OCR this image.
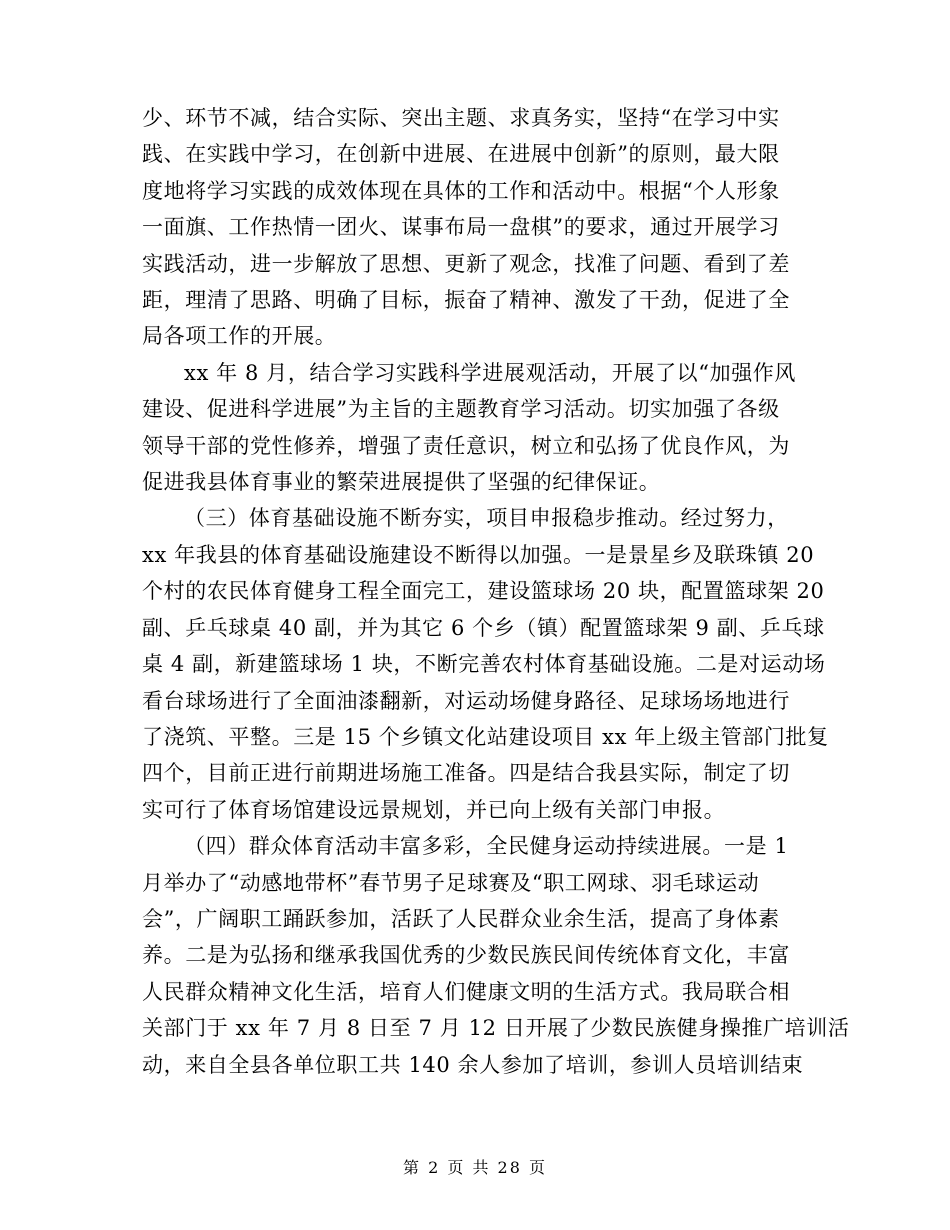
少、环节不减，结合实际、突出主题、求真务实，坚持“在学习中实
践、在实践中学习，在创新中进展、在进展中创新”的原则，最大限
度地将学习实践的成效体现在具体的工作和活动中。根据“个人形象
一面旗、工作热情一团火、谋事布局一盘棋”的要求，通过开展学习
实践活动，进一步解放了思想、更新了观念，找准了问题、看到了差
距，理清了思路、明确了目标，振奋了精神、激发了干劲，促进了全
局各项工作的开展。

xx 年 8 月，结合学习实践科学进展观活动，开展了以“加强作风
建设、促进科学进展”为主旨的主题教育学习活动。切实加强了各级
领导干部的党性修养，增强了责任意识，树立和弘扬了优良作风，为
促进我县体育事业的繁荣进展提供了坚强的纪律保证。

（三）体育基础设施不断夯实，项目申报稳步推动。经过努力，
xx 年我县的体育基础设施建设不断得以加强。一是景星乡及联珠镇 20
个村的农民体育健身工程全面完工，建设篮球场 20 块，配置篮球架 20
副、乒乓球桌 40 副，并为其它 6 个乡（镇）配置篮球架 9 副、乒乓球
桌 4 副，新建篮球场 1 块，不断完善农村体育基础设施。二是对运动场
看台球场进行了全面油漆翻新，对运动场健身路径、足球场场地进行
了浇筑、平整。三是 15 个乡镇文化站建设项目 xx 年上级主管部门批复
四个，目前正进行前期进场施工准备。四是结合我县实际，制定了切
实可行了体育场馆建设远景规划，并已向上级有关部门申报。

（四）群众体育活动丰富多彩，全民健身运动持续进展。一是 1
月举办了“动感地带杯”春节男子足球赛及“职工网球、羽毛球运动
会”，广阔职工踊跃参加，活跃了人民群众业余生活，提高了身体素
养。二是为弘扬和继承我国优秀的少数民族民间传统体育文化，丰富
人民群众精神文化生活，培育人们健康文明的生活方式。我局联合相
关部门于 xx 年 7 月 8 日至 7 月 12 日开展了少数民族健身操推广培训活
动，来自全县各单位职工共 140 余人参加了培训，参训人员培训结束

第 2 页 共 28 页
